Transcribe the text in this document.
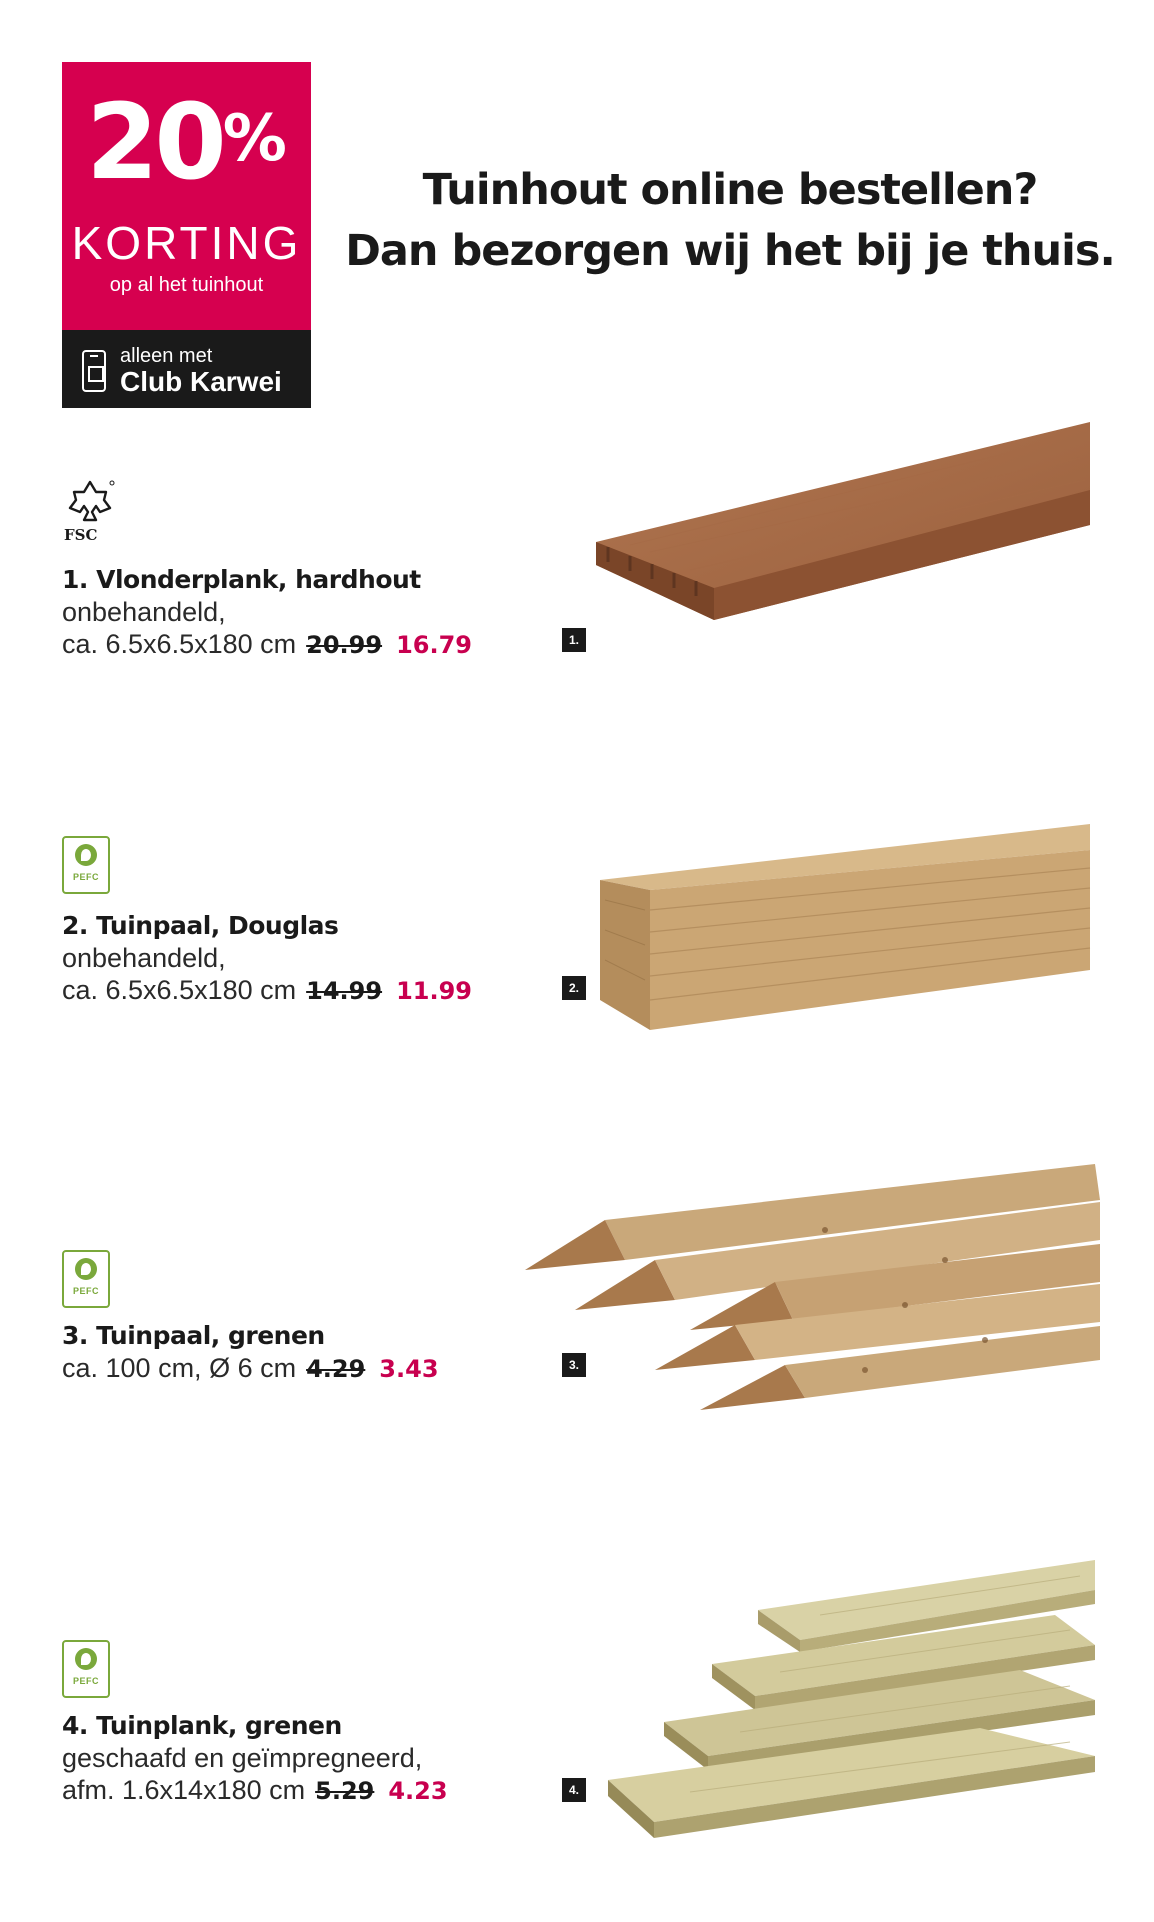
20%
KORTING
op al het tuinhout
alleen met
Club Karwei
Tuinhout online bestellen?
Dan bezorgen wij het bij je thuis.
FSC
1. Vlonderplank, hardhout
onbehandeld,
ca. 6.5x6.5x180 cm 20.99 16.79	1.
PEFC
2. Tuinpaal, Douglas
onbehandeld,
ca. 6.5x6.5x180 cm 14.99 11.99	2.
PEFC
3. Tuinpaal, grenen
ca. 100 cm, Ø 6 cm 4.29 3.43	3.
PEFC
4. Tuinplank, grenen
geschaafd en geïmpregneerd,
afm. 1.6x14x180 cm 5.29 4.23	4.
